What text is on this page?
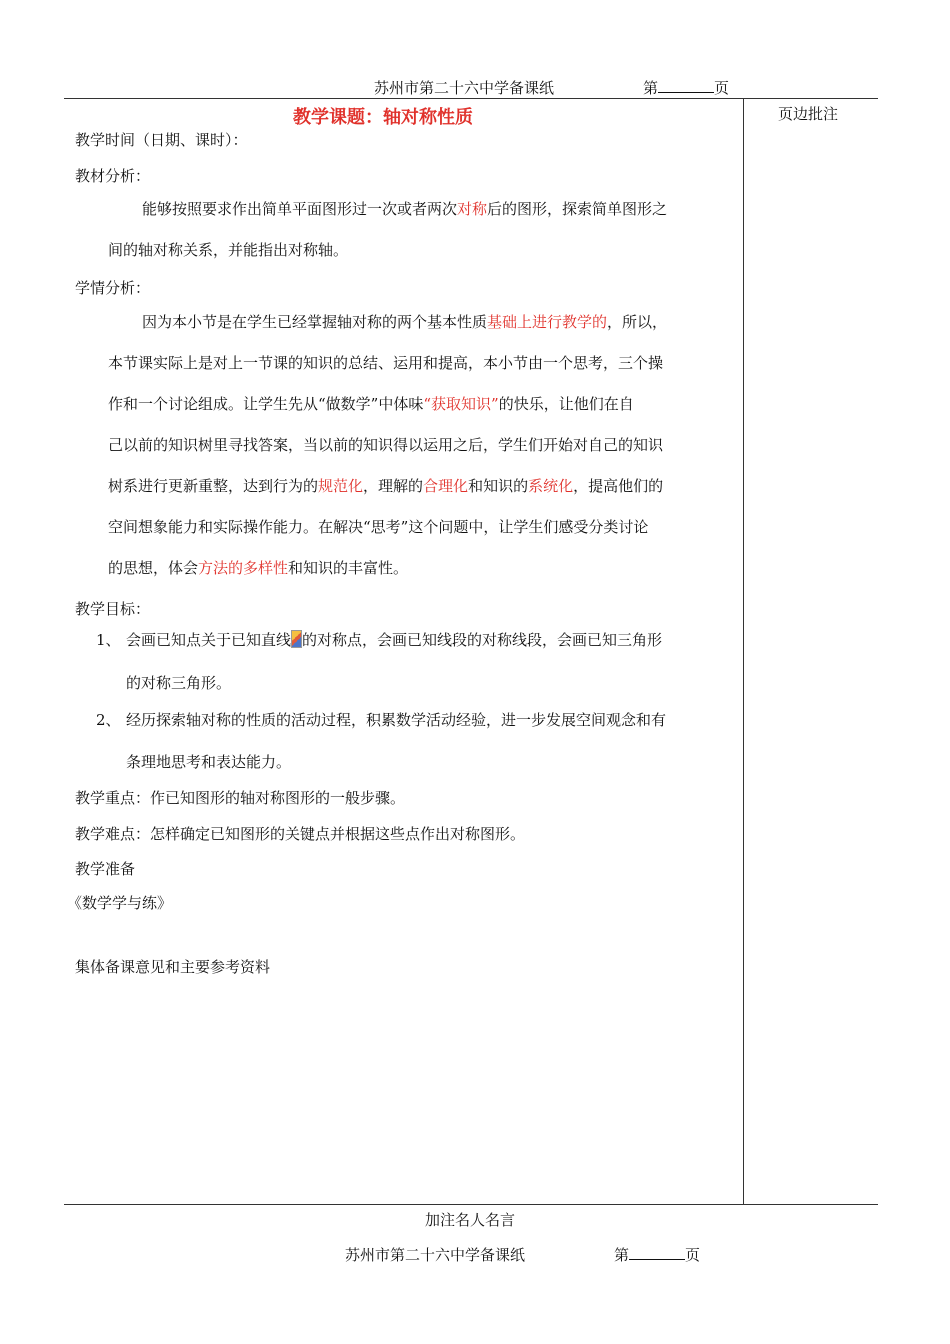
苏州市第二十六中学备课纸	第	页
页边批注
教学课题：轴对称性质
教学时间（日期、课时）：
教材分析：

能够按照要求作出简单平面图形过一次或者两次对称后的图形，探索简单图形之

间的轴对称关系，并能指出对称轴。

学情分析：

因为本小节是在学生已经掌握轴对称的两个基本性质基础上进行教学的，所以，

本节课实际上是对上一节课的知识的总结、运用和提高，本小节由一个思考，三个操

作和一个讨论组成。让学生先从“做数学”中体味“获取知识”的快乐，让他们在自

己以前的知识树里寻找答案，当以前的知识得以运用之后，学生们开始对自己的知识

树系进行更新重整，达到行为的规范化，理解的合理化和知识的系统化，提高他们的

空间想象能力和实际操作能力。在解决“思考”这个问题中，让学生们感受分类讨论

的思想，体会方法的多样性和知识的丰富性。

教学目标：
1、 会画已知点关于已知直线 的对称点，会画已知线段的对称线段，会画已知三角形
的对称三角形。
2、 经历探索轴对称的性质的活动过程，积累数学活动经验，进一步发展空间观念和有
条理地思考和表达能力。
教学重点：作已知图形的轴对称图形的一般步骤。
教学难点：怎样确定已知图形的关键点并根据这些点作出对称图形。
教学准备
《数学学与练》
集体备课意见和主要参考资料
加注名人名言
苏州市第二十六中学备课纸	第	页
